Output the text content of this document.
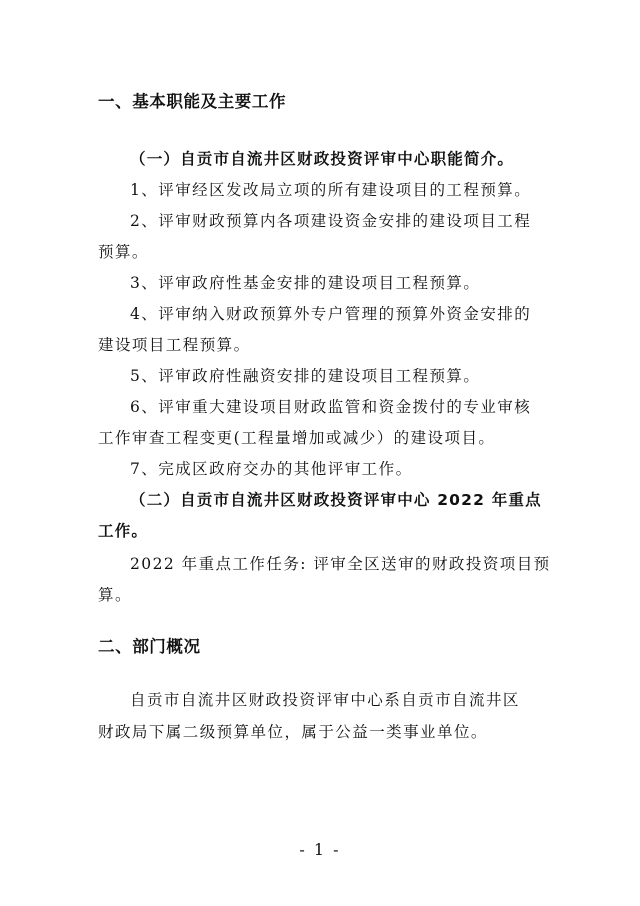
一、基本职能及主要工作
（一）自贡市自流井区财政投资评审中心职能简介。
1、评审经区发改局立项的所有建设项目的工程预算。
2、评审财政预算内各项建设资金安排的建设项目工程
预算。
3、评审政府性基金安排的建设项目工程预算。
4、评审纳入财政预算外专户管理的预算外资金安排的
建设项目工程预算。
5、评审政府性融资安排的建设项目工程预算。
6、评审重大建设项目财政监管和资金拨付的专业审核
工作审查工程变更(工程量增加或减少）的建设项目。
7、完成区政府交办的其他评审工作。
（二）自贡市自流井区财政投资评审中心 2022 年重点
工作。
2022 年重点工作任务: 评审全区送审的财政投资项目预
算。
二、部门概况
自贡市自流井区财政投资评审中心系自贡市自流井区
财政局下属二级预算单位，属于公益一类事业单位。
- 1 -
